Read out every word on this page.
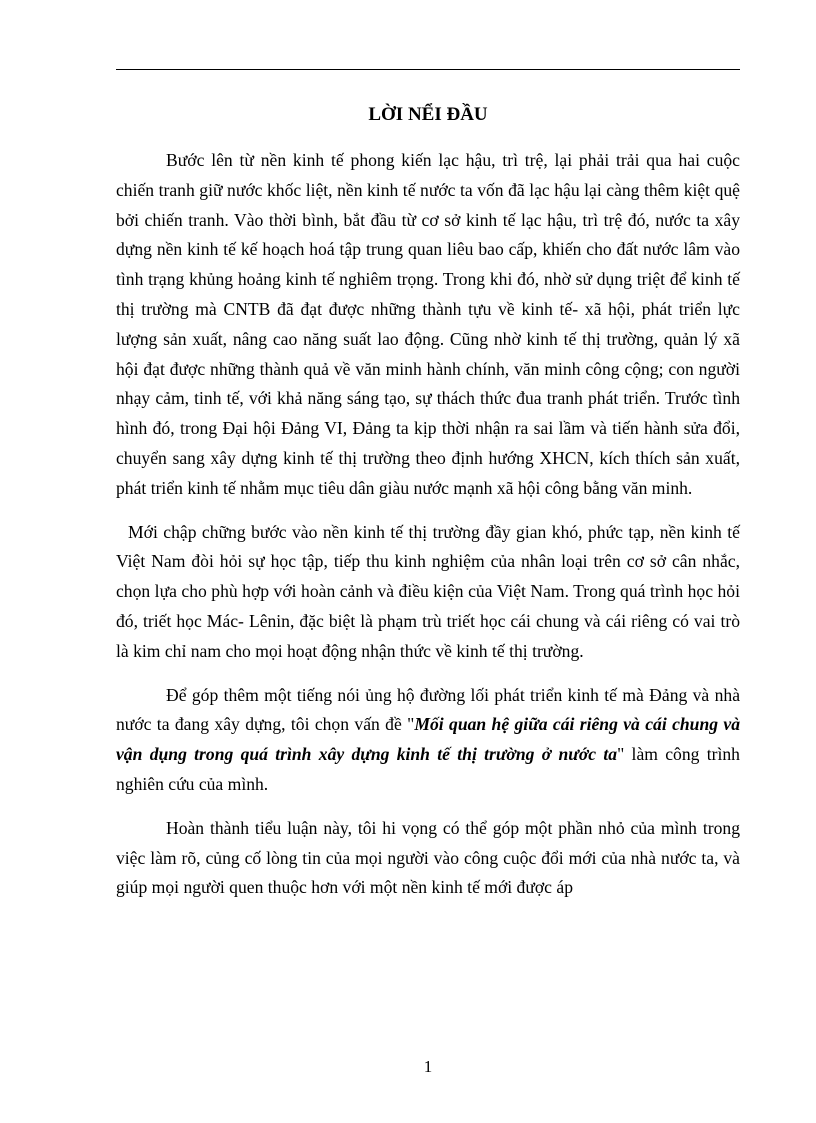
LỜI NỂI ĐẦU

Bước lên từ nền kinh tế phong kiến lạc hậu, trì trệ, lại phải trải qua hai cuộc chiến tranh giữ nước khốc liệt, nền kinh tế nước ta vốn đã lạc hậu lại càng thêm kiệt quệ bởi chiến tranh. Vào thời bình, bắt đầu từ cơ sở kinh tế lạc hậu, trì trệ đó, nước ta xây dựng nền kinh tế kế hoạch hoá tập trung quan liêu bao cấp, khiến cho đất nước lâm vào tình trạng khủng hoảng kinh tế nghiêm trọng. Trong khi đó, nhờ sử dụng triệt để kinh tế thị trường mà CNTB đã đạt được những thành tựu về kinh tế- xã hội, phát triển lực lượng sản xuất, nâng cao năng suất lao động. Cũng nhờ kinh tế thị trường, quản lý xã hội đạt được những thành quả về văn minh hành chính, văn minh công cộng; con người nhạy cảm, tinh tế, với khả năng sáng tạo, sự thách thức đua tranh phát triển. Trước tình hình đó, trong Đại hội Đảng VI, Đảng ta kịp thời nhận ra sai lầm và tiến hành sửa đổi, chuyển sang xây dựng kinh tế thị trường theo định hướng XHCN, kích thích sản xuất, phát triển kinh tế nhằm mục tiêu dân giàu nước mạnh xã hội công bằng văn minh.

Mới chập chững bước vào nền kinh tế thị trường đầy gian khó, phức tạp, nền kinh tế Việt Nam đòi hỏi sự học tập, tiếp thu kinh nghiệm của nhân loại trên cơ sở cân nhắc, chọn lựa cho phù hợp với hoàn cảnh và điều kiện của Việt Nam. Trong quá trình học hỏi đó, triết học Mác- Lênin, đặc biệt là phạm trù triết học cái chung và cái riêng có vai trò là kim chỉ nam cho mọi hoạt động nhận thức về kinh tế thị trường.

Để góp thêm một tiếng nói ủng hộ đường lối phát triển kinh tế mà Đảng và nhà nước ta đang xây dựng, tôi chọn vấn đề "Mối quan hệ giữa cái riêng và cái chung và vận dụng trong quá trình xây dựng kinh tế thị trường ở nước ta" làm công trình nghiên cứu của mình.

Hoàn thành tiểu luận này, tôi hi vọng có thể góp một phần nhỏ của mình trong việc làm rõ, củng cố lòng tin của mọi người vào công cuộc đổi mới của nhà nước ta, và giúp mọi người quen thuộc hơn với một nền kinh tế mới được áp

1
